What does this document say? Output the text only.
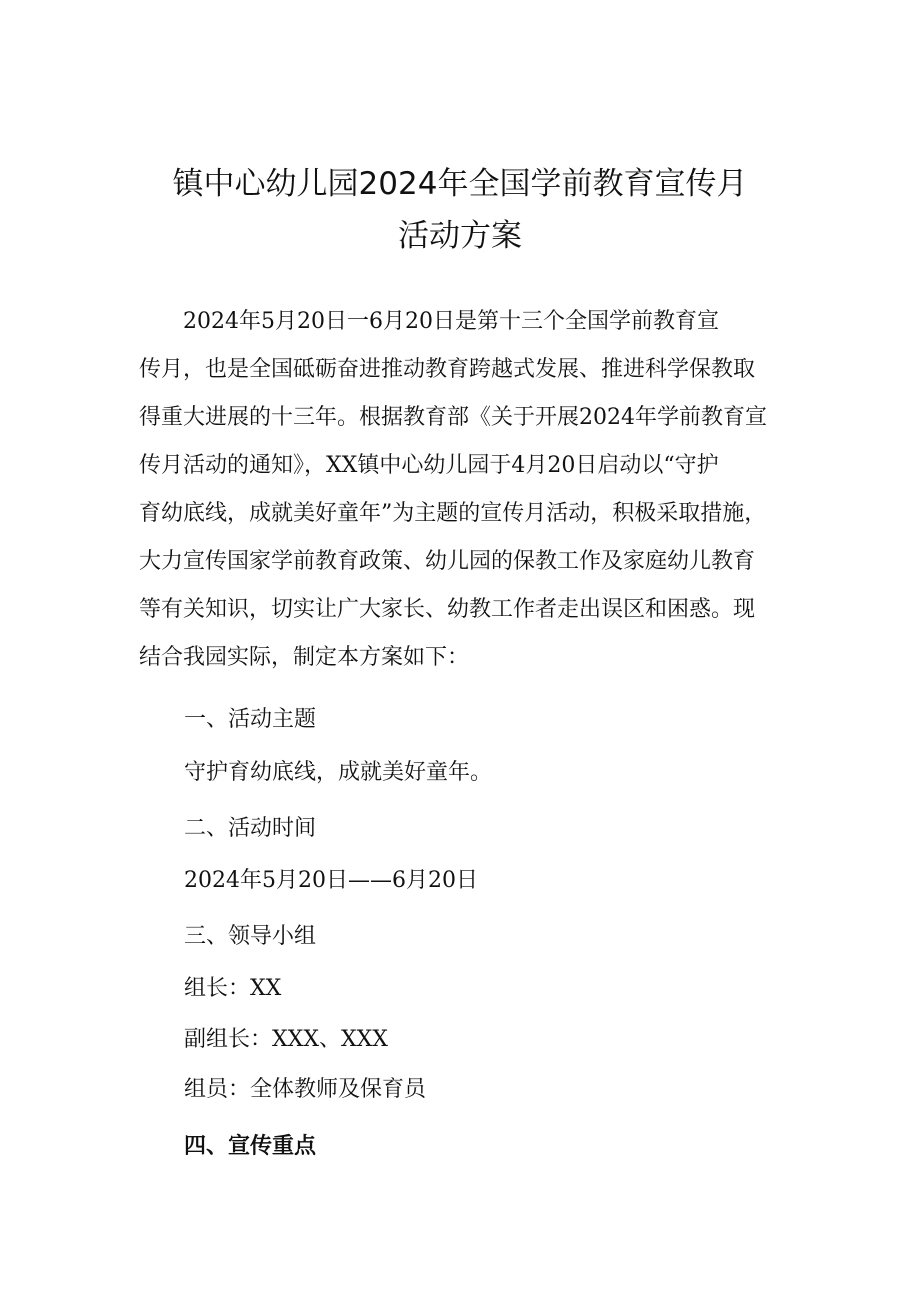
镇中心幼儿园2024年全国学前教育宣传月
活动方案
2024年5月20日一6月20日是第十三个全国学前教育宣
传月，也是全国砥砺奋进推动教育跨越式发展、推进科学保教取
得重大进展的十三年。根据教育部《关于开展2024年学前教育宣
传月活动的通知》，XX镇中心幼儿园于4月20日启动以“守护
育幼底线，成就美好童年”为主题的宣传月活动，积极采取措施，
大力宣传国家学前教育政策、幼儿园的保教工作及家庭幼儿教育
等有关知识，切实让广大家长、幼教工作者走出误区和困惑。现
结合我园实际，制定本方案如下：
一、活动主题
守护育幼底线，成就美好童年。
二、活动时间
2024年5月20日——6月20日
三、领导小组
组长：XX
副组长：XXX、XXX
组员：全体教师及保育员
四、宣传重点
